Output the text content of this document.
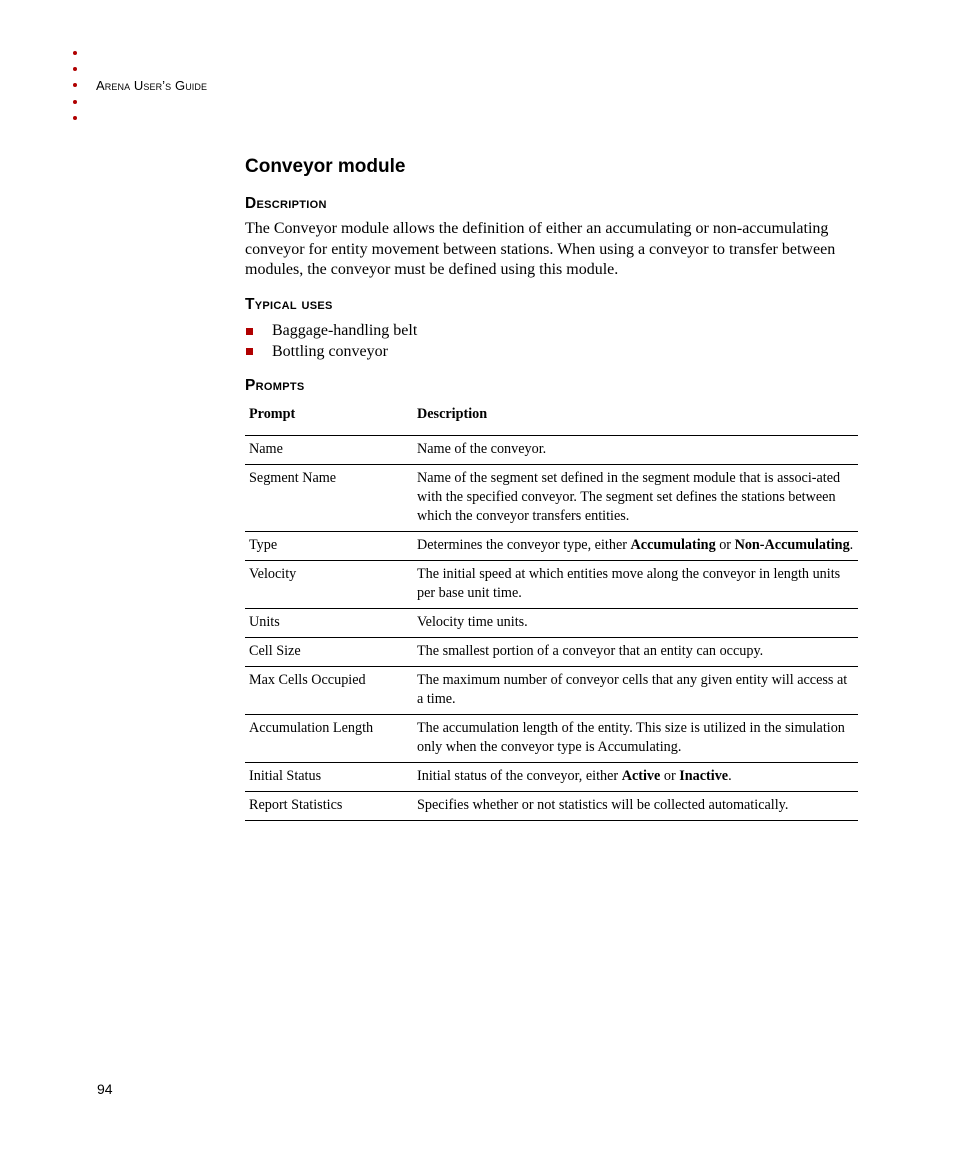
Arena User’s Guide
Conveyor module
Description

The Conveyor module allows the definition of either an accumulating or non-accumulating conveyor for entity movement between stations. When using a conveyor to transfer between modules, the conveyor must be defined using this module.

Typical uses
Baggage-handling belt
Bottling conveyor
Prompts
Prompt	Description
Name	Name of the conveyor.
Segment Name	Name of the segment set defined in the segment module that is associ-ated with the specified conveyor. The segment set defines the stations between which the conveyor transfers entities.
Type	Determines the conveyor type, either Accumulating or Non-Accumulating.
Velocity	The initial speed at which entities move along the conveyor in length units per base unit time.
Units	Velocity time units.
Cell Size	The smallest portion of a conveyor that an entity can occupy.
Max Cells Occupied	The maximum number of conveyor cells that any given entity will access at a time.
Accumulation Length	The accumulation length of the entity. This size is utilized in the simulation only when the conveyor type is Accumulating.
Initial Status	Initial status of the conveyor, either Active or Inactive.
Report Statistics	Specifies whether or not statistics will be collected automatically.
94
